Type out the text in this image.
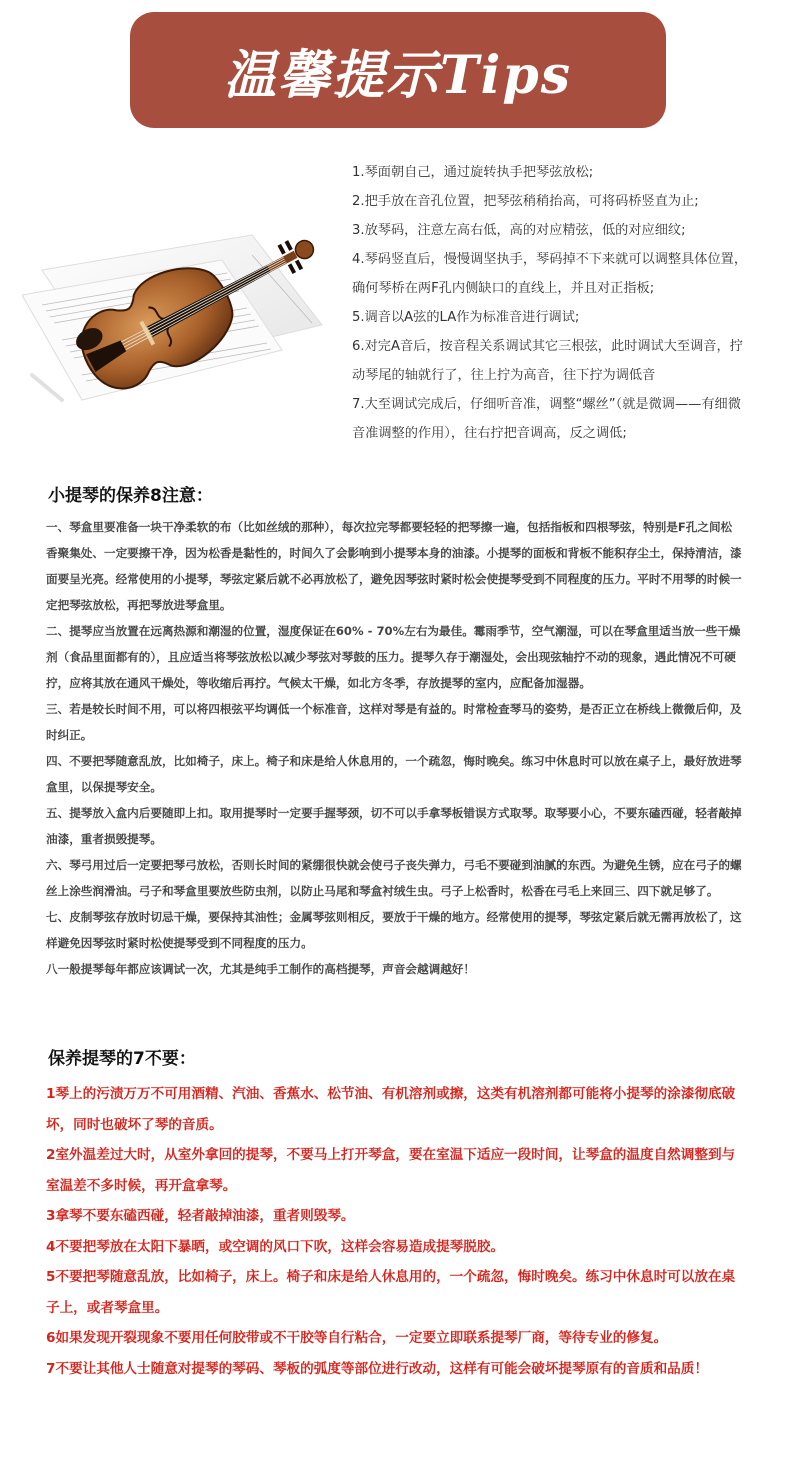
温馨提示Tips
1.琴面朝自己，通过旋转执手把琴弦放松;
2.把手放在音孔位置，把琴弦稍稍抬高，可将码桥竖直为止;
3.放琴码，注意左高右低，高的对应精弦，低的对应细纹;
4.琴码竖直后，慢慢调坚执手，琴码掉不下来就可以调整具体位置，确何琴桥在两F孔内侧缺口的直线上，并且对正指板;
5.调音以A弦的LA作为标准音进行调试;
6.对完A音后，按音程关系调试其它三根弦，此时调试大至调音，拧动琴尾的轴就行了，往上拧为高音，往下拧为调低音
7.大至调试完成后，仔细听音准，调整“螺丝”（就是微调——有细微音准调整的作用），往右拧把音调高，反之调低;
小提琴的保养8注意：

一、琴盒里要准备一块干净柔软的布（比如丝绒的那种），每次拉完琴都要轻轻的把琴擦一遍，包括指板和四根琴弦，特别是F孔之间松香聚集处、一定要擦干净，因为松香是黏性的，时间久了会影响到小提琴本身的油漆。小提琴的面板和背板不能积存尘土，保持清洁，漆面要呈光亮。经常使用的小提琴，琴弦定紧后就不必再放松了，避免因琴弦时紧时松会使提琴受到不同程度的压力。平时不用琴的时候一定把琴弦放松，再把琴放进琴盒里。

二、提琴应当放置在远离热源和潮湿的位置，湿度保证在60% - 70%左右为最佳。霉雨季节，空气潮湿，可以在琴盒里适当放一些干燥剂（食品里面都有的），且应适当将琴弦放松以减少琴弦对琴鼓的压力。提琴久存于潮湿处，会出现弦轴拧不动的现象，遇此情况不可硬拧，应将其放在通风干燥处，等收缩后再拧。气候太干燥，如北方冬季，存放提琴的室内，应配备加湿器。

三、若是较长时间不用，可以将四根弦平均调低一个标准音，这样对琴是有益的。时常检查琴马的姿势，是否正立在桥线上微微后仰，及时纠正。

四、不要把琴随意乱放，比如椅子，床上。椅子和床是给人休息用的，一个疏忽，悔时晚矣。练习中休息时可以放在桌子上，最好放进琴盒里，以保提琴安全。

五、提琴放入盒内后要随即上扣。取用提琴时一定要手握琴颈，切不可以手拿琴板错误方式取琴。取琴要小心，不要东磕西碰，轻者敲掉油漆，重者损毁提琴。

六、琴弓用过后一定要把琴弓放松，否则长时间的紧绷很快就会使弓子丧失弹力，弓毛不要碰到油腻的东西。为避免生锈，应在弓子的螺丝上涂些润滑油。弓子和琴盒里要放些防虫剂，以防止马尾和琴盒衬绒生虫。弓子上松香时，松香在弓毛上来回三、四下就足够了。

七、皮制琴弦存放时切忌干燥，要保持其油性；金属琴弦则相反，要放于干燥的地方。经常使用的提琴，琴弦定紧后就无需再放松了，这样避免因琴弦时紧时松使提琴受到不同程度的压力。

八一般提琴每年都应该调试一次，尤其是纯手工制作的高档提琴，声音会越调越好！

保养提琴的7不要：

1琴上的污渍万万不可用酒精、汽油、香蕉水、松节油、有机溶剂或擦，这类有机溶剂都可能将小提琴的涂漆彻底破坏，同时也破坏了琴的音质。

2室外温差过大时，从室外拿回的提琴，不要马上打开琴盒，要在室温下适应一段时间，让琴盒的温度自然调整到与室温差不多时候，再开盒拿琴。

3拿琴不要东磕西碰，轻者敲掉油漆，重者则毁琴。

4不要把琴放在太阳下暴晒，或空调的风口下吹，这样会容易造成提琴脱胶。

5不要把琴随意乱放，比如椅子，床上。椅子和床是给人休息用的，一个疏忽，悔时晚矣。练习中休息时可以放在桌子上，或者琴盒里。

6如果发现开裂现象不要用任何胶带或不干胶等自行粘合，一定要立即联系提琴厂商，等待专业的修复。

7不要让其他人士随意对提琴的琴码、琴板的弧度等部位进行改动，这样有可能会破坏提琴原有的音质和品质！
